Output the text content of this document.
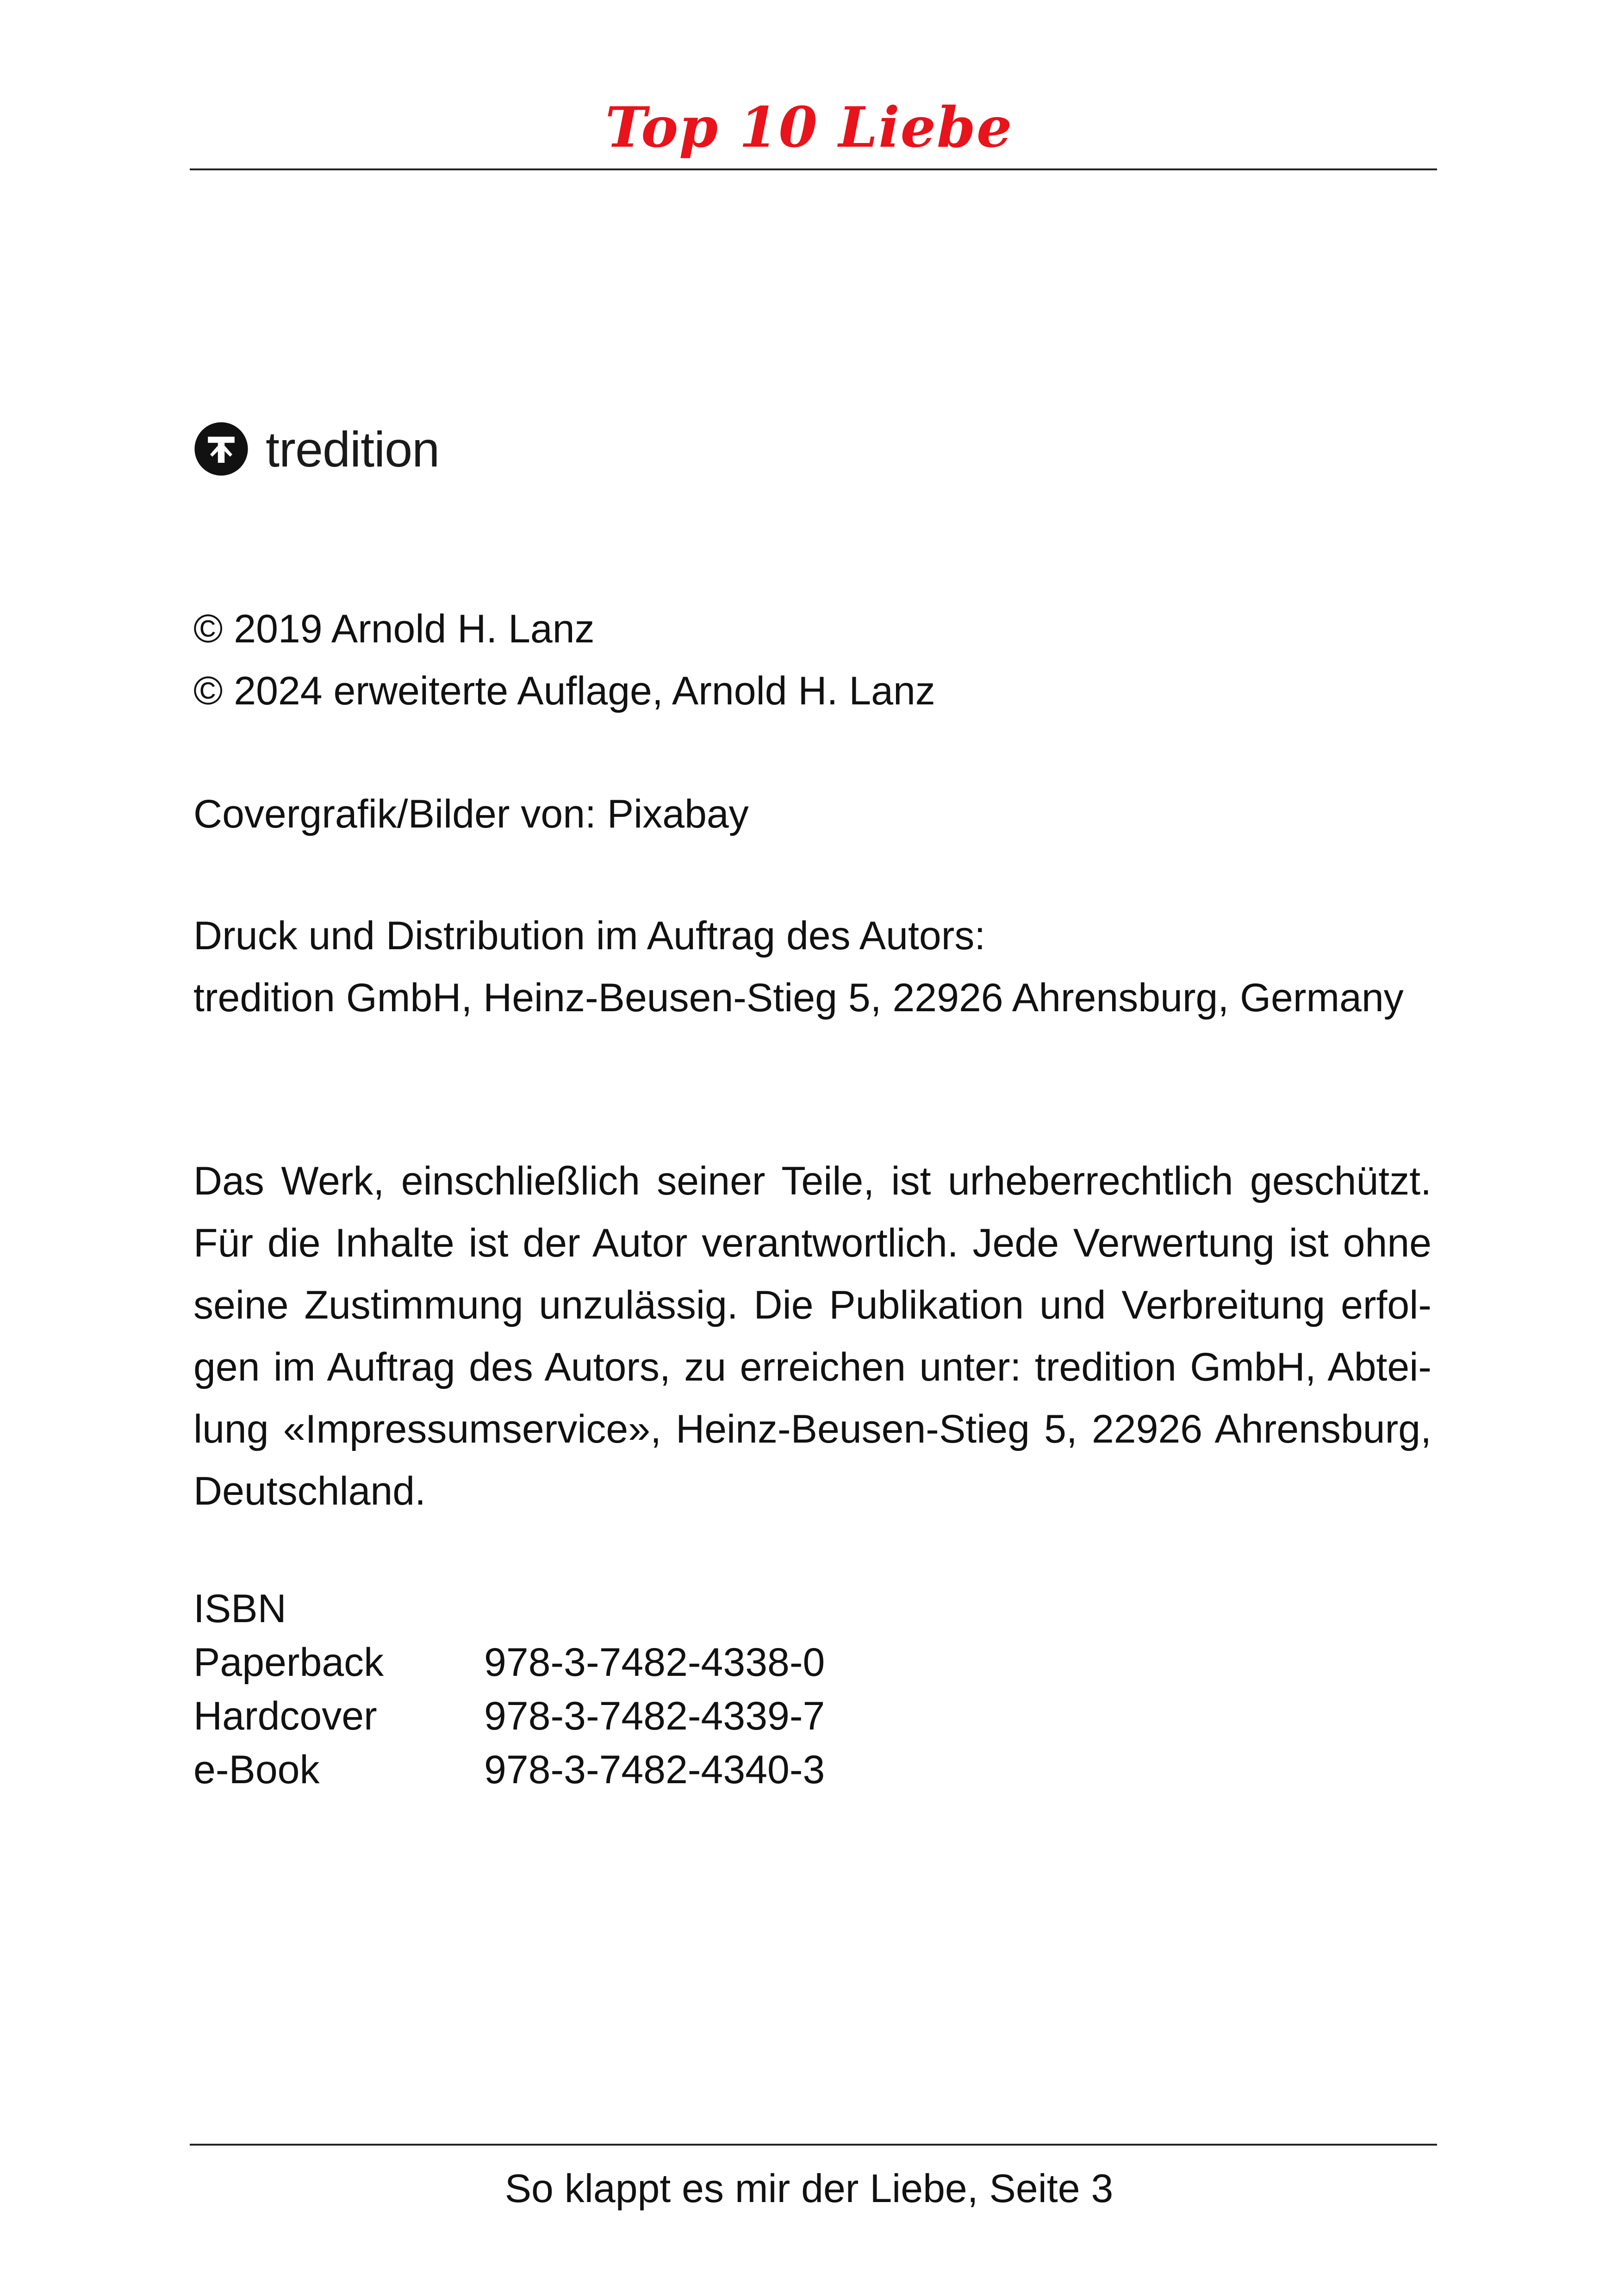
Top 10 Liebe
tredition
© 2019 Arnold H. Lanz
© 2024 erweiterte Auflage, Arnold H. Lanz
Covergrafik/Bilder von: Pixabay
Druck und Distribution im Auftrag des Autors:
tredition GmbH, Heinz-Beusen-Stieg 5, 22926 Ahrensburg, Germany
Das Werk, einschließlich seiner Teile, ist urheberrechtlich geschützt. Für die Inhalte ist der Autor verantwortlich. Jede Verwertung ist ohne seine Zustimmung unzulässig. Die Publikation und Verbreitung erfolgen im Auftrag des Autors, zu erreichen unter: tredition GmbH, Abteilung «Impressumservice», Heinz-Beusen-Stieg 5, 22926 Ahrensburg, Deutschland.
ISBN
Paperback	978-3-7482-4338-0
Hardcover	978-3-7482-4339-7
e-Book	978-3-7482-4340-3
So klappt es mir der Liebe, Seite 3
